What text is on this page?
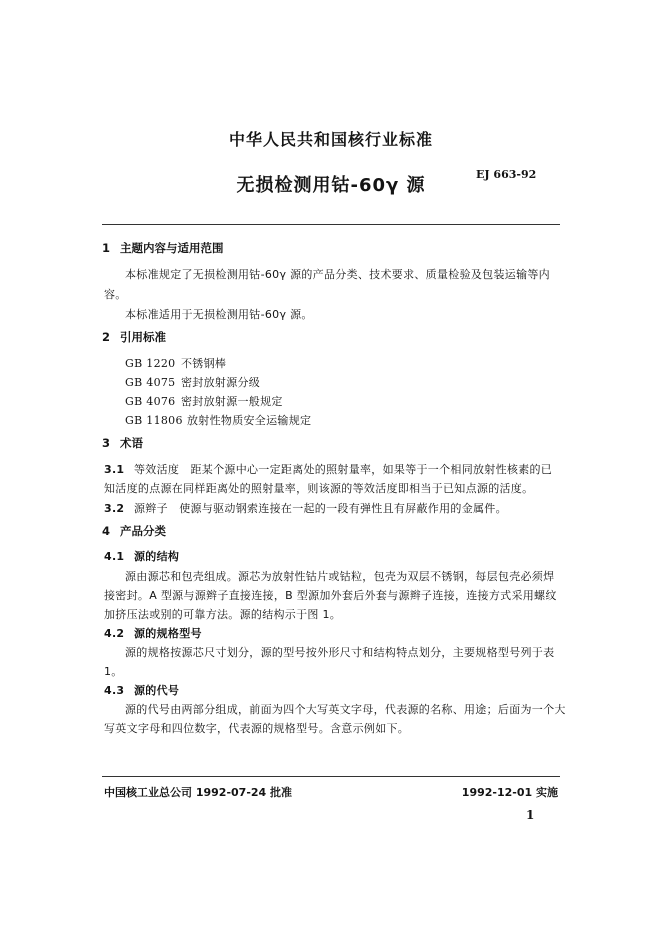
中华人民共和国核行业标准
无损检测用钴-60γ 源
EJ 663-92
1 主题内容与适用范围
本标准规定了无损检测用钴-60γ 源的产品分类、技术要求、质量检验及包装运输等内
容。
本标准适用于无损检测用钴-60γ 源。
2 引用标准
GB 1220 不锈钢棒
GB 4075 密封放射源分级
GB 4076 密封放射源一般规定
GB 11806 放射性物质安全运输规定
3 术语
3.1 等效活度　距某个源中心一定距离处的照射量率，如果等于一个相同放射性核素的已
知活度的点源在同样距离处的照射量率，则该源的等效活度即相当于已知点源的活度。
3.2 源辫子　使源与驱动钢索连接在一起的一段有弹性且有屏蔽作用的金属件。
4 产品分类
4.1 源的结构
源由源芯和包壳组成。源芯为放射性钴片或钴粒，包壳为双层不锈钢，每层包壳必须焊
接密封。A 型源与源辫子直接连接，B 型源加外套后外套与源辫子连接，连接方式采用螺纹
加挤压法或别的可靠方法。源的结构示于图 1。
4.2 源的规格型号
源的规格按源芯尺寸划分，源的型号按外形尺寸和结构特点划分，主要规格型号列于表
1。
4.3 源的代号
源的代号由两部分组成，前面为四个大写英文字母，代表源的名称、用途；后面为一个大
写英文字母和四位数字，代表源的规格型号。含意示例如下。
中国核工业总公司 1992-07-24 批准	1992-12-01 实施
1
